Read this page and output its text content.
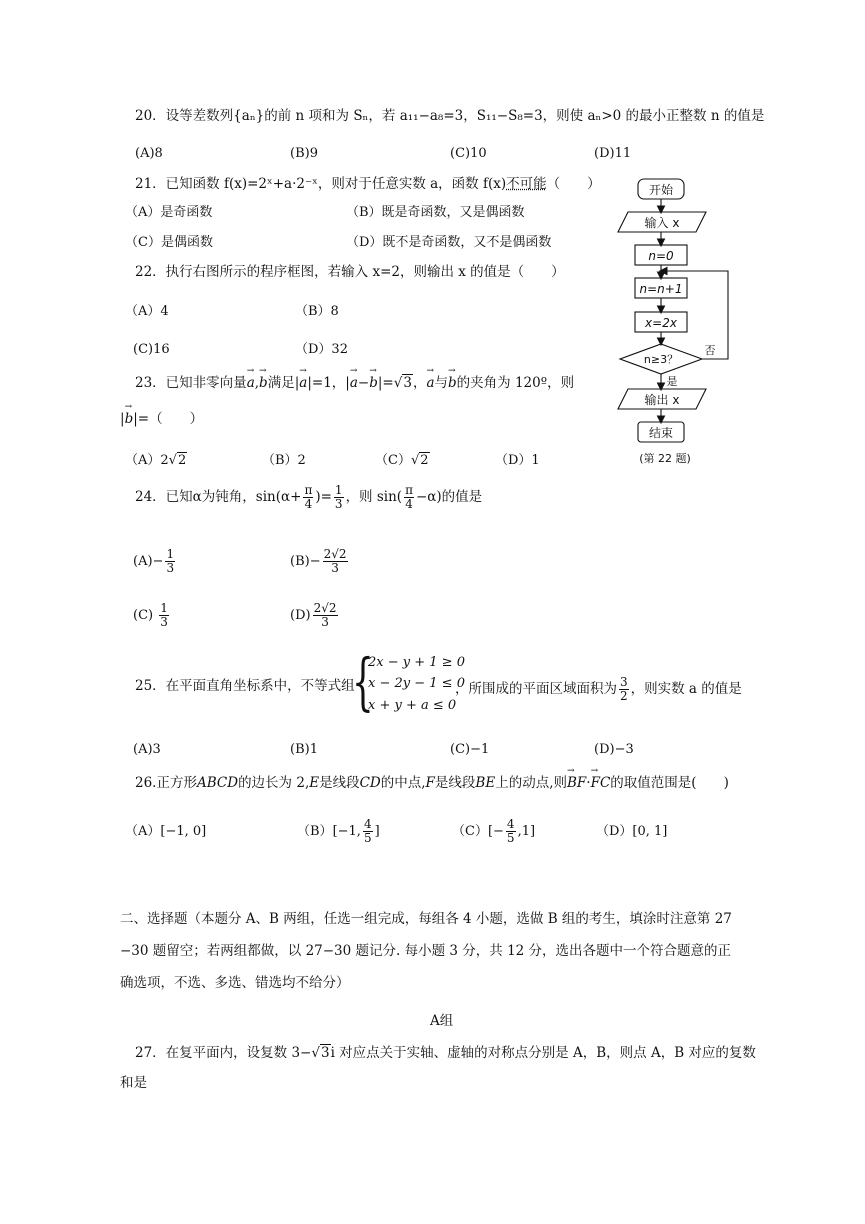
20．设等差数列{aₙ}的前 n 项和为 Sₙ，若 a₁₁−a₈=3，S₁₁−S₈=3，则使 aₙ>0 的最小正整数 n 的值是
(A)8	(B)9	(C)10	(D)11
21．已知函数 f(x)=2ˣ+a·2⁻ˣ，则对于任意实数 a，函数 f(x)不可能（　　）
（A）是奇函数	（B）既是奇函数，又是偶函数
（C）是偶函数	（D）既不是奇函数，又不是偶函数
22．执行右图所示的程序框图，若输入 x=2，则输出 x 的值是（　　）
（A）4	（B）8
(C)16	（D）32
23．已知非零向量→ a,→ b满足|→ a|=1，|→ a−→ b|=√3，→ a与→ b的夹角为 120º，则
|→ b|=（　　）
（A）2√2	（B）2	（C）√2	（D）1
24．已知α为钝角，$\sin(\alpha+ \frac{\pi}{4}$ )= $\frac{1}{3}$ ，则 $\sin( \frac{\pi}{4} -\alpha)$的值是
$(A)- \frac{1}{3}$	$(B)- \frac{2√2}{3}$
$(C) \frac{1}{3}$	$(D) \frac{2√2}{3}$
25．在平面直角坐标系中，不等式组
{
2x − y + 1 ≥ 0
x − 2y − 1 ≤ 0
x + y + a ≤ 0
，所围成的平面区域面积为 $\frac{3}{2}$ ，则实数 a 的值是
(A)3	(B)1	(C)−1	(D)−3
26.正方形ABCD的边长为 2,E是线段CD的中点,F是线段BE上的动点,则→ BF·→ FC的取值范围是(　　)
（A）[−1, 0]	（B）[−1, $\frac{4}{5}$ ]	$(C)[- \frac{4}{5} ,1]$	（D）[0, 1]
二、选择题（本题分 A、B 两组，任选一组完成，每组各 4 小题，选做 B 组的考生，填涂时注意第 27
−30 题留空；若两组都做，以 27−30 题记分. 每小题 3 分，共 12 分，选出各题中一个符合题意的正
确选项，不选、多选、错选均不给分）
A组
27．在复平面内，设复数 3−√3i 对应点关于实轴、虚轴的对称点分别是 A，B，则点 A，B 对应的复数
和是
开始
输入 x
n=0
n=n+1
x=2x
n≥3？
否
是
输出 x
结束
(第 22 题)
